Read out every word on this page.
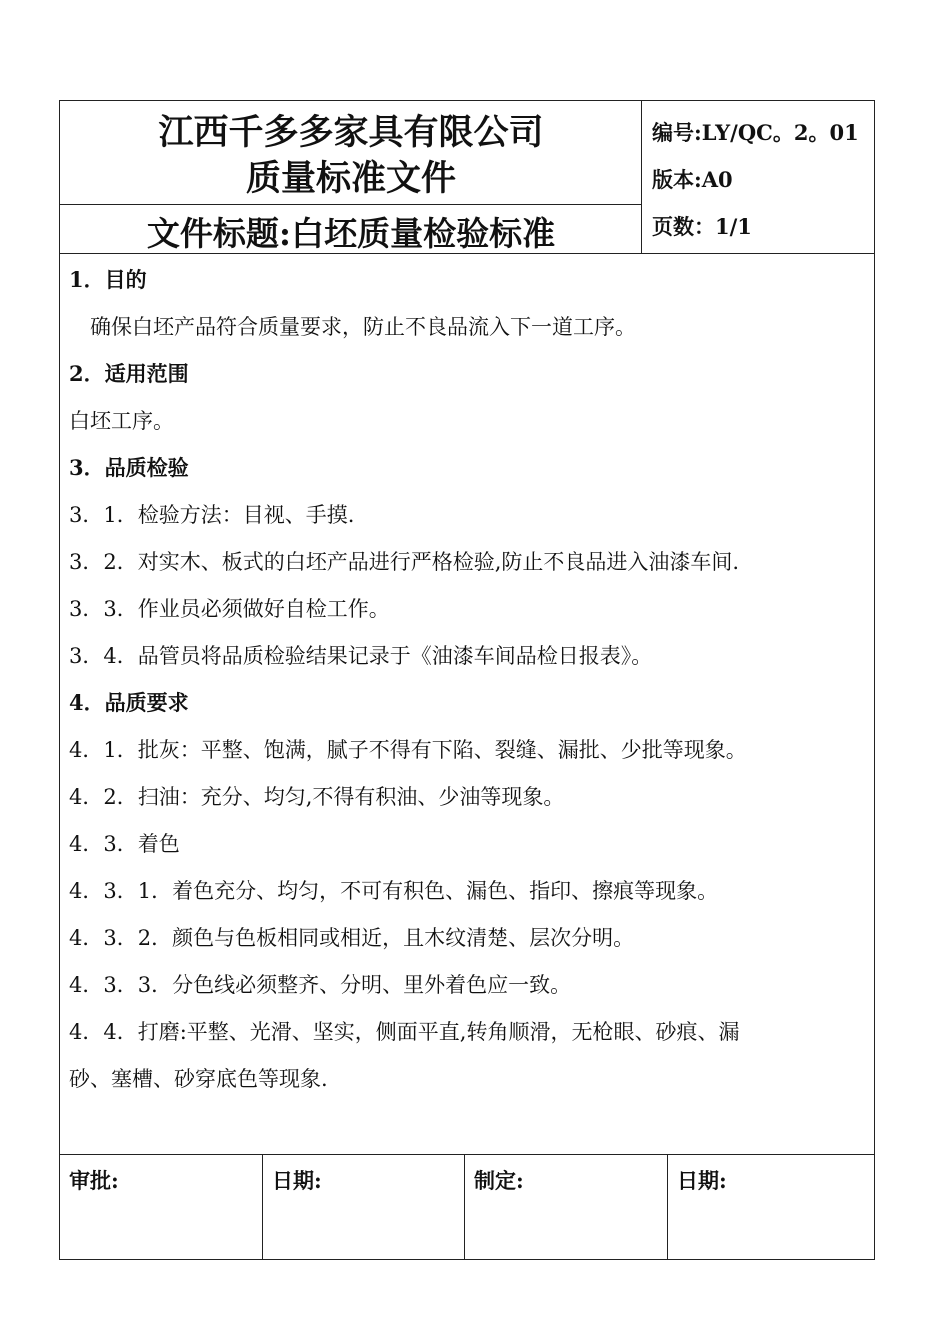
江西千多多家具有限公司
质量标准文件
文件标题:白坯质量检验标准
编号:LY/QC。2。01
版本:A0
页数：1/1
1．目的
　确保白坯产品符合质量要求，防止不良品流入下一道工序。
2．适用范围
白坯工序。
3．品质检验
3．1．检验方法：目视、手摸.
3．2．对实木、板式的白坯产品进行严格检验,防止不良品进入油漆车间.
3．3．作业员必须做好自检工作。
3．4．品管员将品质检验结果记录于《油漆车间品检日报表》。
4．品质要求
4．1．批灰：平整、饱满，腻子不得有下陷、裂缝、漏批、少批等现象。
4．2．扫油：充分、均匀,不得有积油、少油等现象。
4．3．着色
4．3．1．着色充分、均匀，不可有积色、漏色、指印、擦痕等现象。
4．3．2．颜色与色板相同或相近，且木纹清楚、层次分明。
4．3．3．分色线必须整齐、分明、里外着色应一致。
4．4．打磨:平整、光滑、坚实，侧面平直,转角顺滑，无枪眼、砂痕、漏
砂、塞槽、砂穿底色等现象.
审批:	日期:	制定:	日期:
